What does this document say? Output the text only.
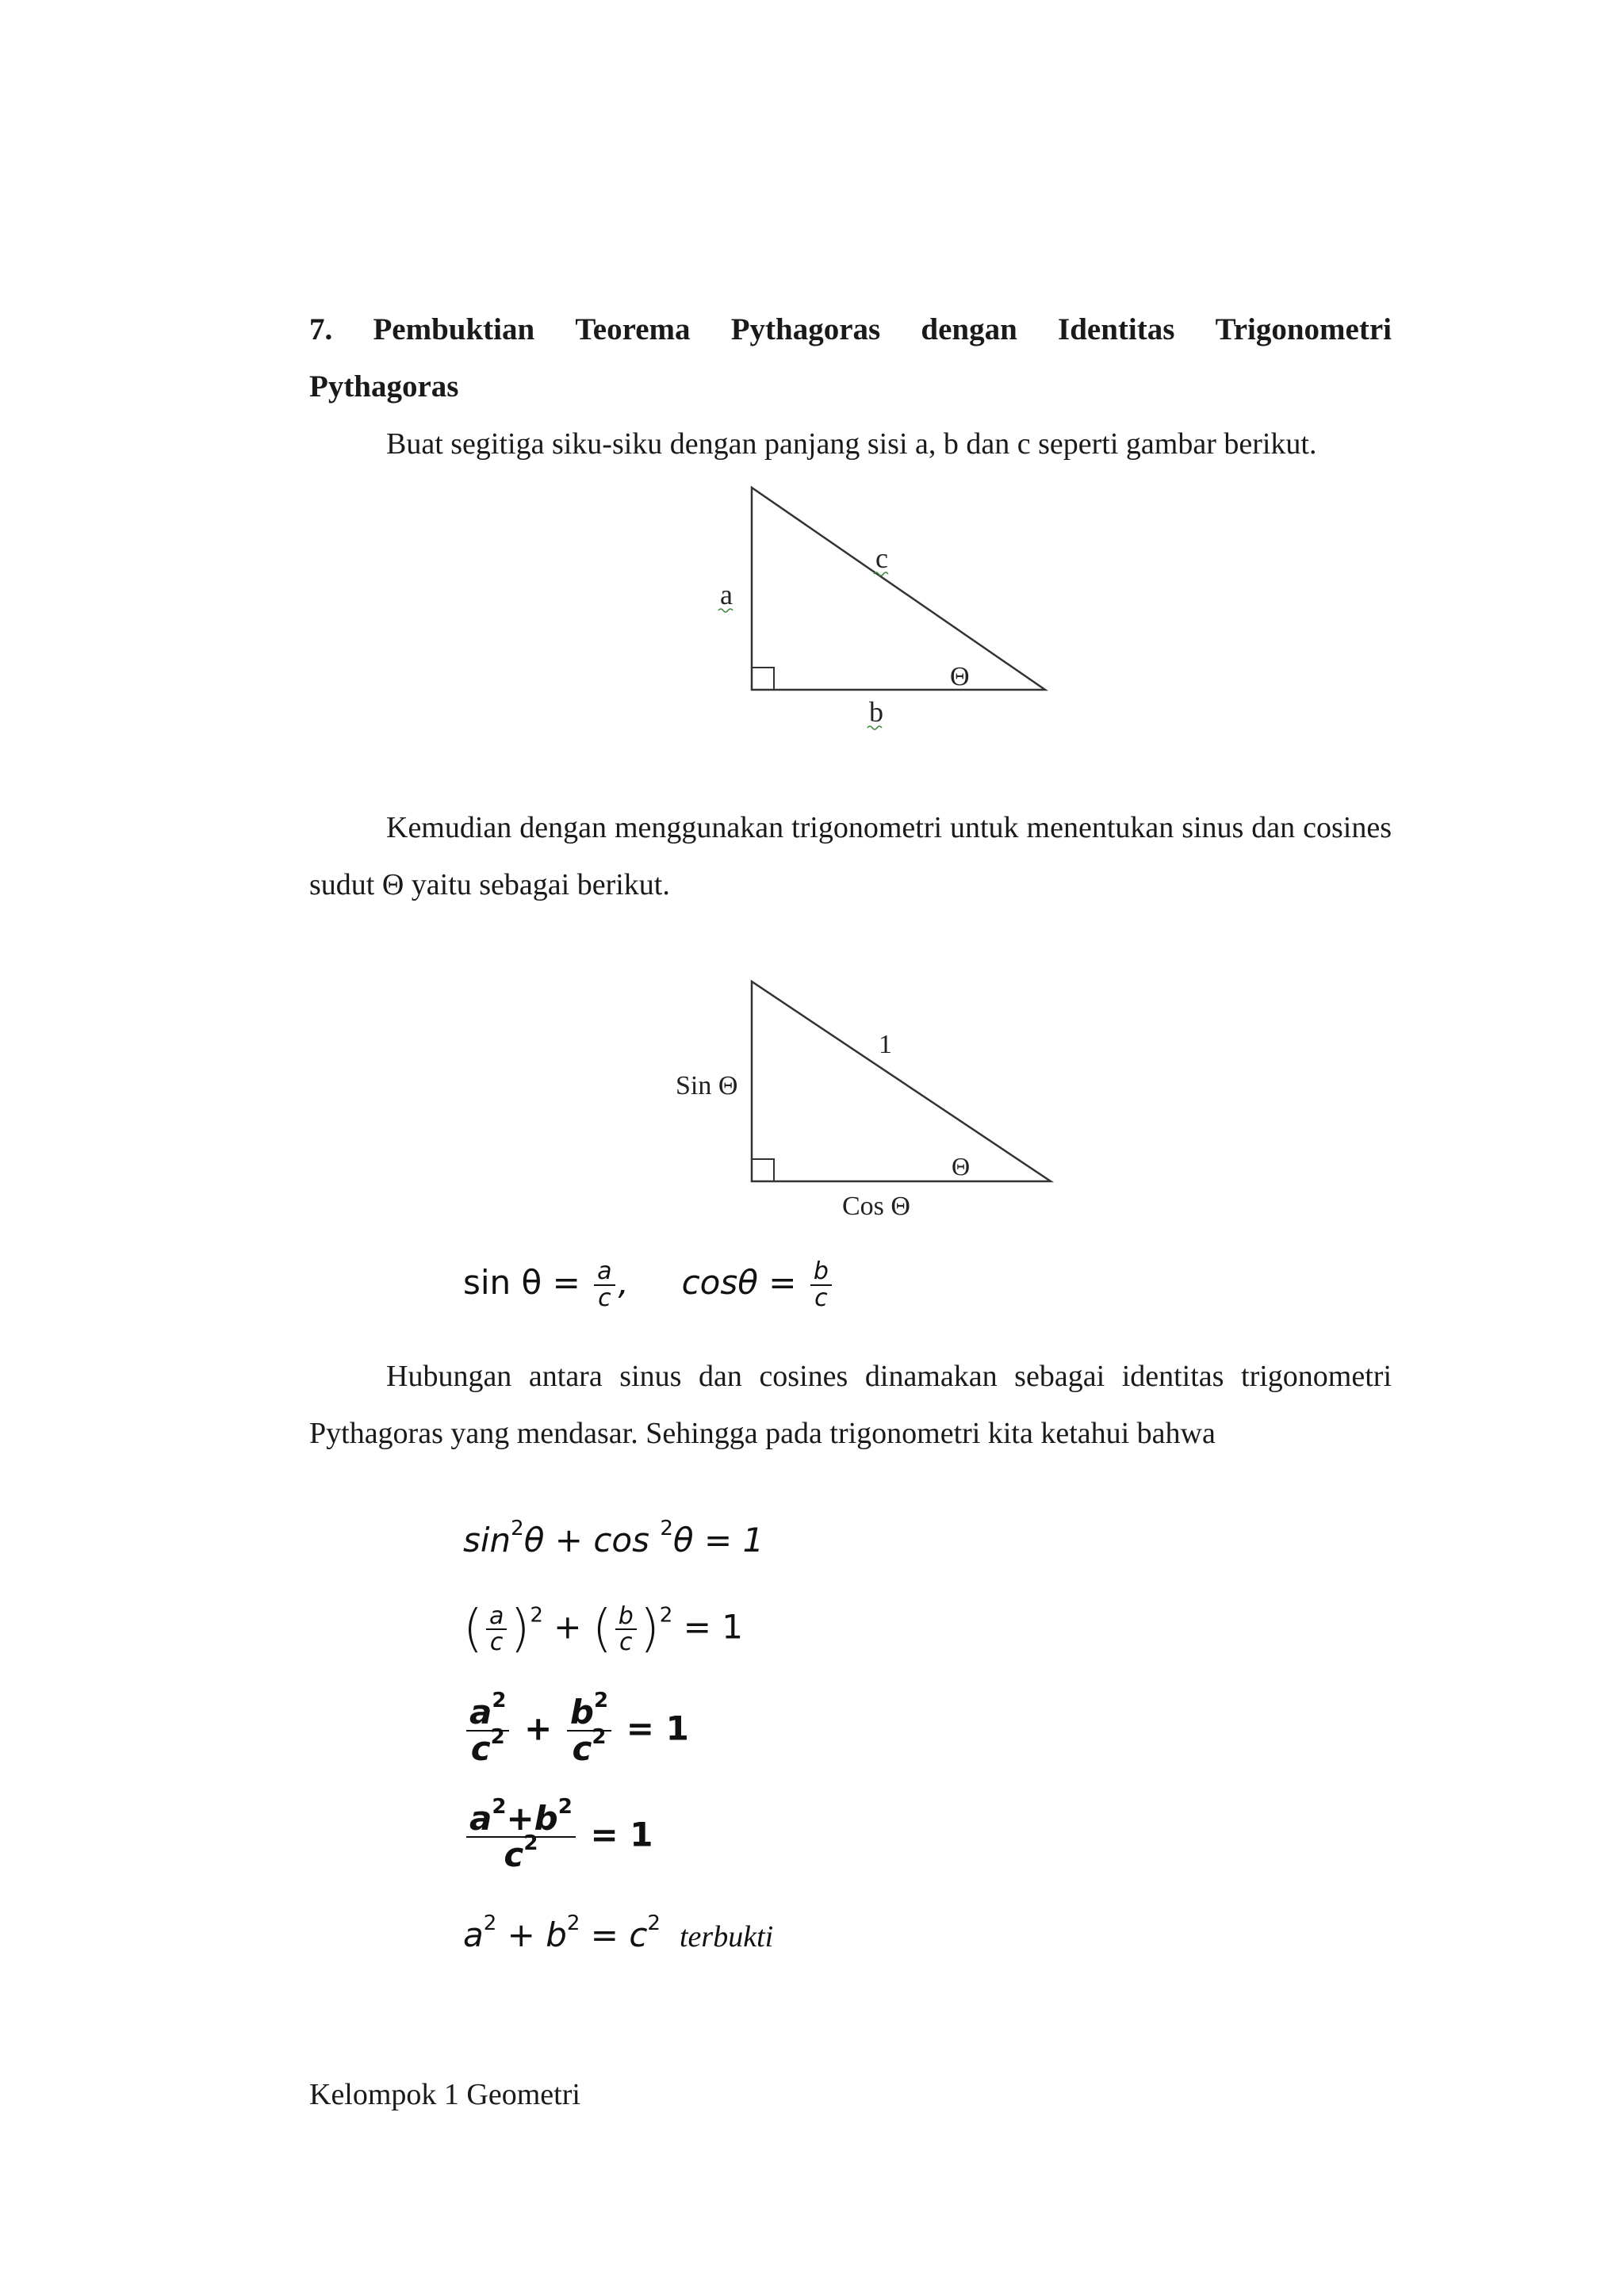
7. Pembuktian Teorema Pythagoras dengan Identitas Trigonometri
Pythagoras
Buat segitiga siku-siku dengan panjang sisi a, b dan c seperti gambar berikut.
a
c
Θ
b
Kemudian dengan menggunakan trigonometri untuk menentukan sinus dan cosines sudut Θ yaitu sebagai berikut.
Sin Θ
1
Θ
Cos Θ
$\sin \theta = \frac{a}{c}$ , $\cos\theta = \frac{b}{c}$
Hubungan antara sinus dan cosines dinamakan sebagai identitas trigonometri Pythagoras yang mendasar. Sehingga pada trigonometri kita ketahui bahwa
$\sin^2\theta + \cos ^2\theta = 1$
( $\frac{a}{c} )^2$ + ( $\frac{b}{c} )^2 = 1$
$\frac{a^2}{c^2} + \frac{b^2}{c^2} = 1$
$\frac{a^2+b^2}{c^2} = 1$
$a^2 + b^2 = c^2$ terbukti
Kelompok 1 Geometri
